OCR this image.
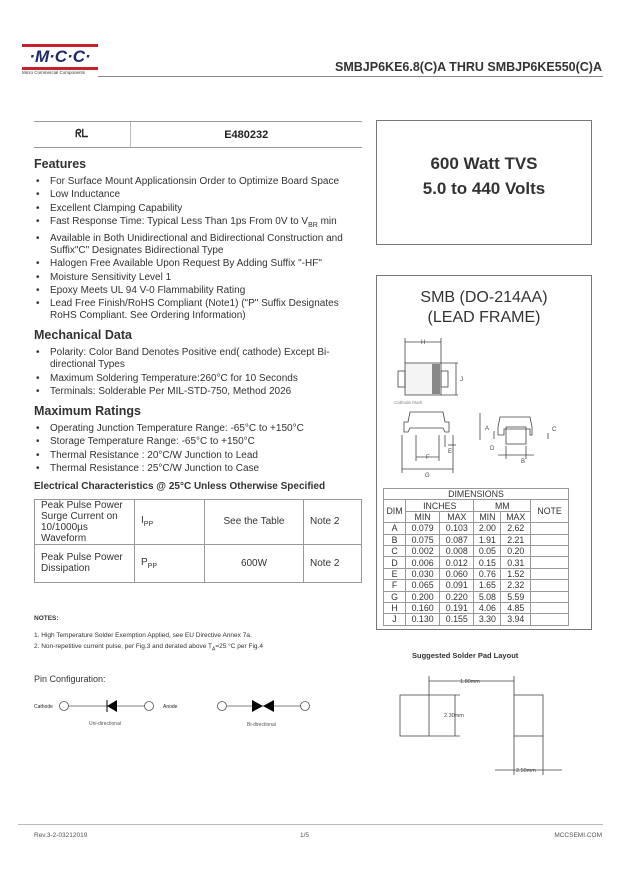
·M·C·C·
Micro Commercial Components	SMBJP6KE6.8(C)A THRU SMBJP6KE550(C)A
ᖇᒪ	E480232
Features
• For Surface Mount Applicationsin Order to Optimize Board Space
• Low Inductance
• Excellent Clamping Capability
• Fast Response Time: Typical Less Than 1ps From 0V to $V_{BR}$ min
• Available in Both Unidirectional and Bidirectional Construction and Suffix"C" Designates Bidirectional Type
• Halogen Free Available Upon Request By Adding Suffix "-HF"
• Moisture Sensitivity Level 1
• Epoxy Meets UL 94 V-0 Flammability Rating
• Lead Free Finish/RoHS Compliant (Note1) ("P" Suffix Designates RoHS Compliant. See Ordering Information)
Mechanical Data
• Polarity: Color Band Denotes Positive end( cathode) Except Bi-directional Types
• Maximum Soldering Temperature:260°C for 10 Seconds
• Terminals: Solderable Per MIL-STD-750, Method 2026
Maximum Ratings
• Operating Junction Temperature Range: -65°C to +150°C
• Storage Temperature Range: -65°C to +150°C
• Thermal Resistance : 20°C/W Junction to Lead
• Thermal Resistance : 25°C/W Junction to Case
Electrical Characteristics @ 25°C Unless Otherwise Specified
Peak Pulse Power Surge Current on 10/1000µs Waveform	$I_{PP}$	See the Table	Note 2
Peak Pulse Power Dissipation	$P_{PP}$	600W	Note 2
NOTES:
1. High Temperature Solder Exemption Applied, see EU Directive Annex 7a.
2. Non-repetitive current pulse, per Fig.3 and derated above $T_A=25$ °C per Fig.4
Pin Configuration:
Cathode	Anode
Uni-directional	Bi-directional
600 Watt TVS
5.0 to 440 Volts
SMB (DO-214AA)
(LEAD FRAME)
H
J
Cathode Mark
A	C
D
B
E
F
G
DIMENSIONS					
DIM	INCHES		MM		NOTE
	MIN	MAX	MIN	MAX	
A	0.079	0.103	2.00	2.62	
B	0.075	0.087	1.91	2.21	
C	0.002	0.008	0.05	0.20	
D	0.006	0.012	0.15	0.31	
E	0.030	0.060	0.76	1.52	
F	0.065	0.091	1.65	2.32	
G	0.200	0.220	5.08	5.59	
H	0.160	0.191	4.06	4.85	
J	0.130	0.155	3.30	3.94	
Suggested Solder Pad Layout
1.80mm
2.30mm
2.50mm
Rev.3-2-03212019	1/5	MCCSEMI.COM
